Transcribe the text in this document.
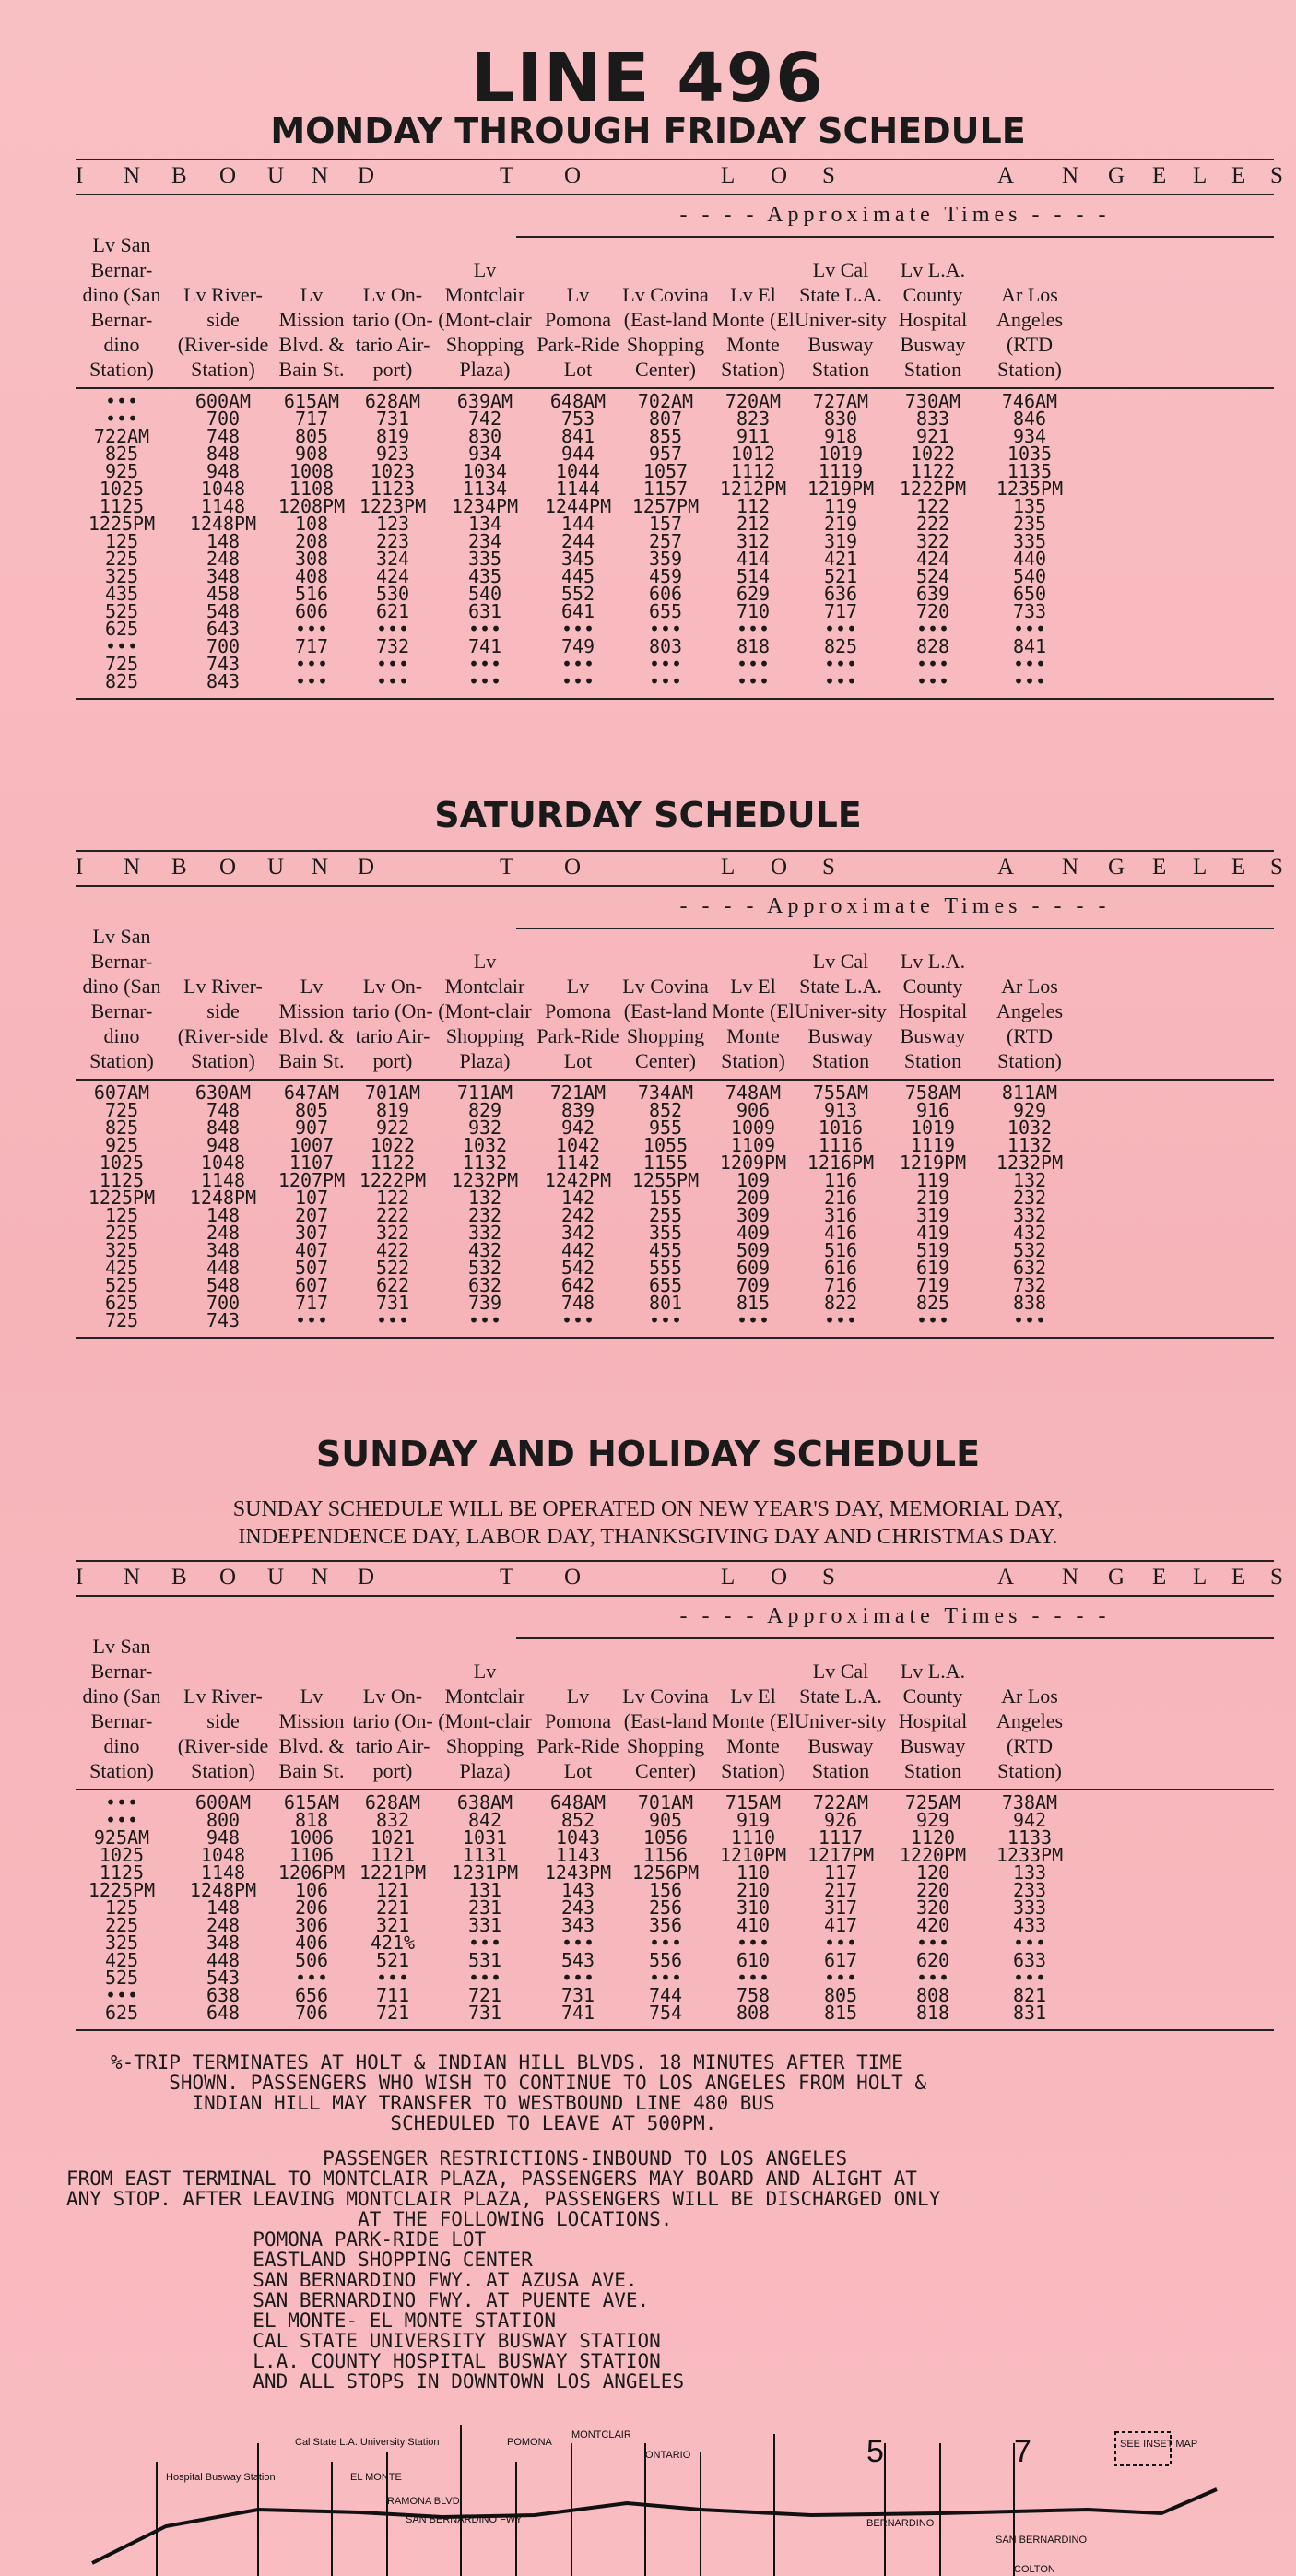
LINE 496
MONDAY THROUGH FRIDAY SCHEDULE
I N B O U N D	T O	L O S	A N G E L E S
- - - - Approximate Times - - - -
Lv San Bernar-dino (San Bernar-dino Station)
Lv River-side (River-side Station)
Lv Mission Blvd. & Bain St.
Lv On-tario (On-tario Air-port)
Lv Montclair (Mont-clair Shopping Plaza)
Lv Pomona Park-Ride Lot
Lv Covina (East-land Shopping Center)
Lv El Monte (El Monte Station)
Lv Cal State L.A. Univer-sity Busway Station
Lv L.A. County Hospital Busway Station
Ar Los Angeles (RTD Station)
•••	600AM	615AM	628AM	639AM	648AM	702AM	720AM	727AM	730AM	746AM
•••	700	717	731	742	753	807	823	830	833	846
722AM	748	805	819	830	841	855	911	918	921	934
825	848	908	923	934	944	957	1012	1019	1022	1035
925	948	1008	1023	1034	1044	1057	1112	1119	1122	1135
1025	1048	1108	1123	1134	1144	1157	1212PM	1219PM	1222PM	1235PM
1125	1148	1208PM 1223PM	1234PM	1244PM	1257PM	112	119	122	135
1225PM	1248PM	108	123	134	144	157	212	219	222	235
125	148	208	223	234	244	257	312	319	322	335
225	248	308	324	335	345	359	414	421	424	440
325	348	408	424	435	445	459	514	521	524	540
435	458	516	530	540	552	606	629	636	639	650
525	548	606	621	631	641	655	710	717	720	733
625	643	•••	•••	•••	•••	•••	•••	•••	•••	•••
•••	700	717	732	741	749	803	818	825	828	841
725	743	•••	•••	•••	•••	•••	•••	•••	•••	•••
825	843	•••	•••	•••	•••	•••	•••	•••	•••	•••
SATURDAY SCHEDULE
I N B O U N D	T O	L O S	A N G E L E S
- - - - Approximate Times - - - -
Lv San Bernar-dino (San Bernar-dino Station)
Lv River-side (River-side Station)
Lv Mission Blvd. & Bain St.
Lv On-tario (On-tario Air-port)
Lv Montclair (Mont-clair Shopping Plaza)
Lv Pomona Park-Ride Lot
Lv Covina (East-land Shopping Center)
Lv El Monte (El Monte Station)
Lv Cal State L.A. Univer-sity Busway Station
Lv L.A. County Hospital Busway Station
Ar Los Angeles (RTD Station)
607AM	630AM	647AM	701AM	711AM	721AM	734AM	748AM	755AM	758AM	811AM
725	748	805	819	829	839	852	906	913	916	929
825	848	907	922	932	942	955	1009	1016	1019	1032
925	948	1007	1022	1032	1042	1055	1109	1116	1119	1132
1025	1048	1107	1122	1132	1142	1155	1209PM	1216PM	1219PM	1232PM
1125	1148	1207PM 1222PM	1232PM	1242PM	1255PM	109	116	119	132
1225PM	1248PM	107	122	132	142	155	209	216	219	232
125	148	207	222	232	242	255	309	316	319	332
225	248	307	322	332	342	355	409	416	419	432
325	348	407	422	432	442	455	509	516	519	532
425	448	507	522	532	542	555	609	616	619	632
525	548	607	622	632	642	655	709	716	719	732
625	700	717	731	739	748	801	815	822	825	838
725	743	•••	•••	•••	•••	•••	•••	•••	•••	•••
SUNDAY AND HOLIDAY SCHEDULE
SUNDAY SCHEDULE WILL BE OPERATED ON NEW YEAR'S DAY, MEMORIAL DAY, INDEPENDENCE DAY, LABOR DAY, THANKSGIVING DAY AND CHRISTMAS DAY.
I N B O U N D	T O	L O S	A N G E L E S
- - - - Approximate Times - - - -
Lv San Bernar-dino (San Bernar-dino Station)
Lv River-side (River-side Station)
Lv Mission Blvd. & Bain St.
Lv On-tario (On-tario Air-port)
Lv Montclair (Mont-clair Shopping Plaza)
Lv Pomona Park-Ride Lot
Lv Covina (East-land Shopping Center)
Lv El Monte (El Monte Station)
Lv Cal State L.A. Univer-sity Busway Station
Lv L.A. County Hospital Busway Station
Ar Los Angeles (RTD Station)
•••	600AM	615AM	628AM	638AM	648AM	701AM	715AM	722AM	725AM	738AM
•••	800	818	832	842	852	905	919	926	929	942
925AM	948	1006	1021	1031	1043	1056	1110	1117	1120	1133
1025	1048	1106	1121	1131	1143	1156	1210PM	1217PM	1220PM	1233PM
1125	1148	1206PM 1221PM	1231PM	1243PM	1256PM	110	117	120	133
1225PM	1248PM	106	121	131	143	156	210	217	220	233
125	148	206	221	231	243	256	310	317	320	333
225	248	306	321	331	343	356	410	417	420	433
325	348	406	421%	•••	•••	•••	•••	•••	•••	•••
425	448	506	521	531	543	556	610	617	620	633
525	543	•••	•••	•••	•••	•••	•••	•••	•••	•••
•••	638	656	711	721	731	744	758	805	808	821
625	648	706	721	731	741	754	808	815	818	831
%-TRIP TERMINATES AT HOLT & INDIAN HILL BLVDS. 18 MINUTES AFTER TIME
SHOWN. PASSENGERS WHO WISH TO CONTINUE TO LOS ANGELES FROM HOLT &
INDIAN HILL MAY TRANSFER TO WESTBOUND LINE 480 BUS
SCHEDULED TO LEAVE AT 500PM.
PASSENGER RESTRICTIONS-INBOUND TO LOS ANGELES
FROM EAST TERMINAL TO MONTCLAIR PLAZA, PASSENGERS MAY BOARD AND ALIGHT AT
ANY STOP. AFTER LEAVING MONTCLAIR PLAZA, PASSENGERS WILL BE DISCHARGED ONLY
AT THE FOLLOWING LOCATIONS.
POMONA PARK-RIDE LOT
EASTLAND SHOPPING CENTER
SAN BERNARDINO FWY. AT AZUSA AVE.
SAN BERNARDINO FWY. AT PUENTE AVE.
EL MONTE- EL MONTE STATION
CAL STATE UNIVERSITY BUSWAY STATION
L.A. COUNTY HOSPITAL BUSWAY STATION
AND ALL STOPS IN DOWNTOWN LOS ANGELES
Cal State L.A. University Station
Hospital Busway Station	EL MONTE
POMONA
MONTCLAIR
ONTARIO
SAN BERNARDINO
SEE INSET MAP
5	7
RAMONA BLVD
SAN BERNARDINO FWY	BERNARDINO
COLTON
